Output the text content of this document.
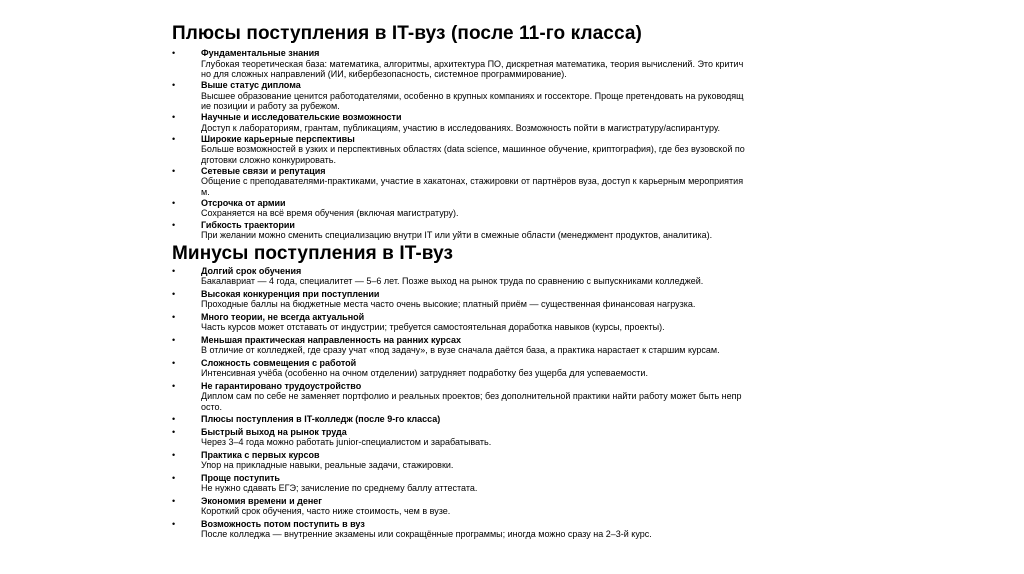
Плюсы поступления в IT-вуз (после 11-го класса)
• Фундаментальные знания
Глубокая теоретическая база: математика, алгоритмы, архитектура ПО, дискретная математика, теория вычислений. Это критич
но для сложных направлений (ИИ, кибербезопасность, системное программирование).
• Выше статус диплома
Высшее образование ценится работодателями, особенно в крупных компаниях и госсекторе. Проще претендовать на руководящ
ие позиции и работу за рубежом.
• Научные и исследовательские возможности
Доступ к лабораториям, грантам, публикациям, участию в исследованиях. Возможность пойти в магистратуру/аспирантуру.
• Широкие карьерные перспективы
Больше возможностей в узких и перспективных областях (data science, машинное обучение, криптография), где без вузовской по
дготовки сложно конкурировать.
• Сетевые связи и репутация
Общение с преподавателями-практиками, участие в хакатонах, стажировки от партнёров вуза, доступ к карьерным мероприятия
м.
• Отсрочка от армии
Сохраняется на всё время обучения (включая магистратуру).
• Гибкость траектории
При желании можно сменить специализацию внутри IT или уйти в смежные области (менеджмент продуктов, аналитика).
Минусы поступления в IT-вуз
• Долгий срок обучения
Бакалавриат — 4 года, специалитет — 5–6 лет. Позже выход на рынок труда по сравнению с выпускниками колледжей.
• Высокая конкуренция при поступлении
Проходные баллы на бюджетные места часто очень высокие; платный приём — существенная финансовая нагрузка.
• Много теории, не всегда актуальной
Часть курсов может отставать от индустрии; требуется самостоятельная доработка навыков (курсы, проекты).
• Меньшая практическая направленность на ранних курсах
В отличие от колледжей, где сразу учат «под задачу», в вузе сначала даётся база, а практика нарастает к старшим курсам.
• Сложность совмещения с работой
Интенсивная учёба (особенно на очном отделении) затрудняет подработку без ущерба для успеваемости.
• Не гарантировано трудоустройство
Диплом сам по себе не заменяет портфолио и реальных проектов; без дополнительной практики найти работу может быть непр
осто.
• Плюсы поступления в IT-колледж (после 9-го класса)
• Быстрый выход на рынок труда
Через 3–4 года можно работать junior-специалистом и зарабатывать.
• Практика с первых курсов
Упор на прикладные навыки, реальные задачи, стажировки.
• Проще поступить
Не нужно сдавать ЕГЭ; зачисление по среднему баллу аттестата.
• Экономия времени и денег
Короткий срок обучения, часто ниже стоимость, чем в вузе.
• Возможность потом поступить в вуз
После колледжа — внутренние экзамены или сокращённые программы; иногда можно сразу на 2–3-й курс.
